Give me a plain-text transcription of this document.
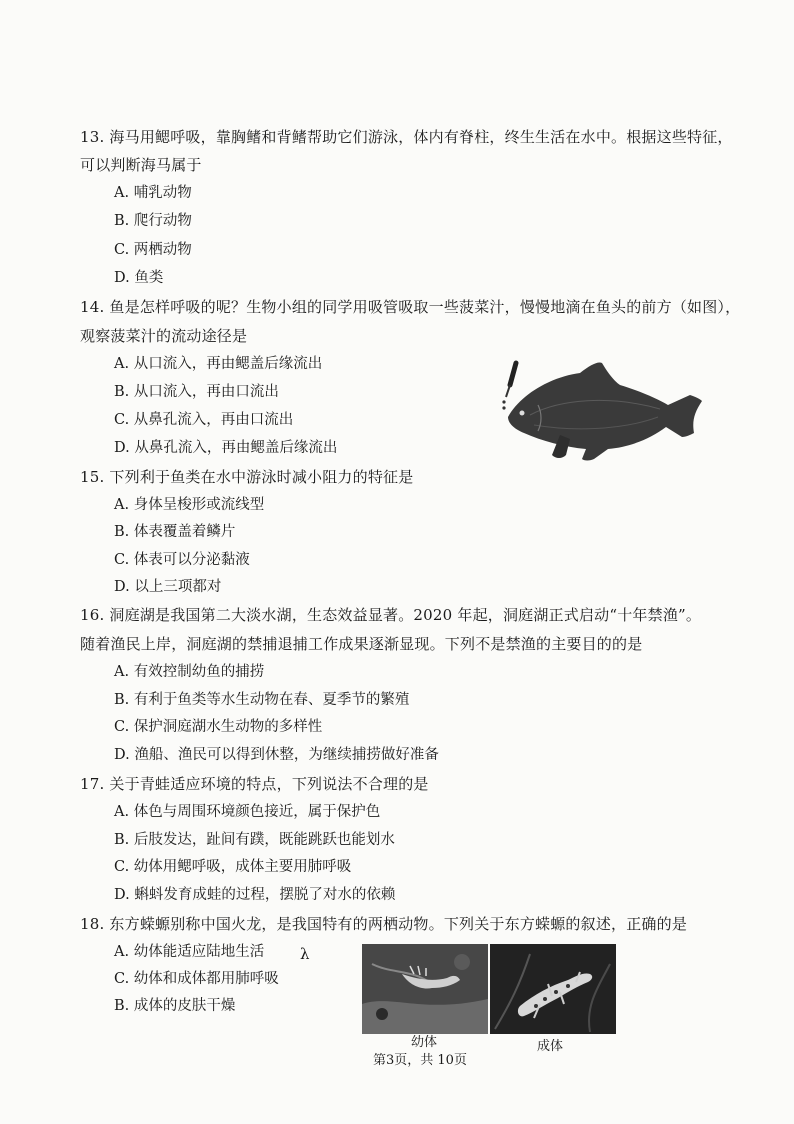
13. 海马用鳃呼吸，靠胸鳍和背鳍帮助它们游泳，体内有脊柱，终生生活在水中。根据这些特征，
可以判断海马属于
A. 哺乳动物
B. 爬行动物
C. 两栖动物
D. 鱼类
14. 鱼是怎样呼吸的呢？生物小组的同学用吸管吸取一些菠菜汁，慢慢地滴在鱼头的前方（如图），
观察菠菜汁的流动途径是
A. 从口流入，再由鳃盖后缘流出
B. 从口流入，再由口流出
C. 从鼻孔流入，再由口流出
D. 从鼻孔流入，再由鳃盖后缘流出
15. 下列利于鱼类在水中游泳时减小阻力的特征是
A. 身体呈梭形或流线型
B. 体表覆盖着鳞片
C. 体表可以分泌黏液
D. 以上三项都对
16. 洞庭湖是我国第二大淡水湖，生态效益显著。2020 年起，洞庭湖正式启动“十年禁渔”。
随着渔民上岸，洞庭湖的禁捕退捕工作成果逐渐显现。下列不是禁渔的主要目的的是
A. 有效控制幼鱼的捕捞
B. 有利于鱼类等水生动物在春、夏季节的繁殖
C. 保护洞庭湖水生动物的多样性
D. 渔船、渔民可以得到休整，为继续捕捞做好准备
17. 关于青蛙适应环境的特点，下列说法不合理的是
A. 体色与周围环境颜色接近，属于保护色
B. 后肢发达，趾间有蹼，既能跳跃也能划水
C. 幼体用鳃呼吸，成体主要用肺呼吸
D. 蝌蚪发育成蛙的过程，摆脱了对水的依赖
18. 东方蝾螈别称中国火龙，是我国特有的两栖动物。下列关于东方蝾螈的叙述，正确的是
A. 幼体能适应陆地生活 λ
C. 幼体和成体都用肺呼吸
B. 成体的皮肤干燥
幼体	成体
第3页，共 10页
